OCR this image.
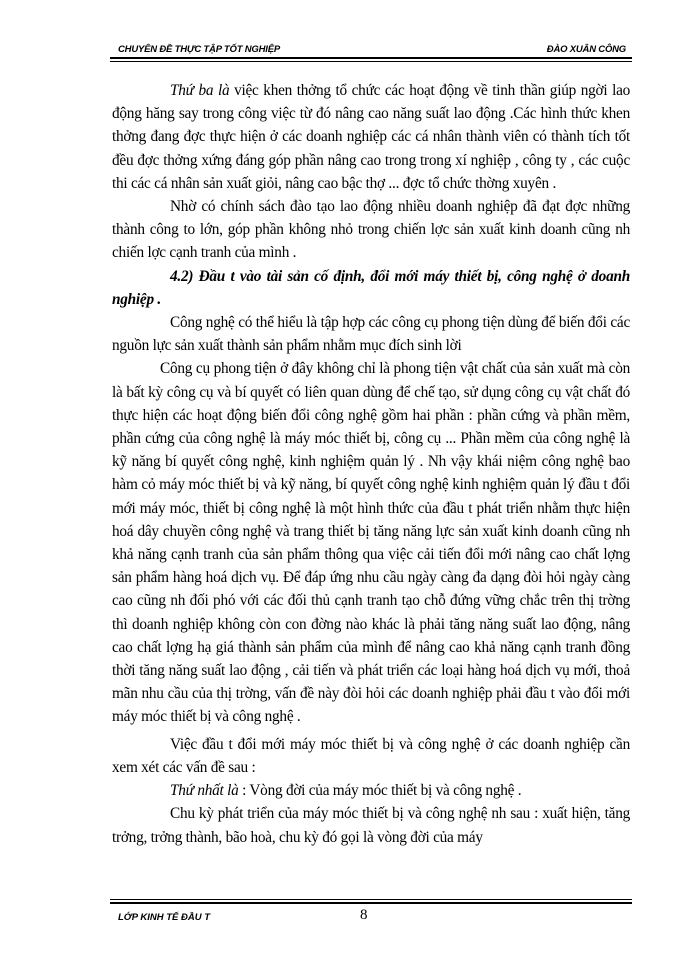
CHUYÊN ĐỀ THỰC TẬP TỐT NGHIỆP	ĐÀO XUÂN CÔNG

Thứ ba là việc khen thởng tổ chức các hoạt động về tinh thần giúp ngời lao động hăng say trong công việc từ đó nâng cao năng suất lao động .Các hình thức khen thởng đang đợc thực hiện ở các doanh nghiệp các cá nhân thành viên có thành tích tốt đều đợc thởng xứng đáng góp phần nâng cao trong trong xí nghiệp , công ty , các cuộc thi các cá nhân sản xuất giỏi, nâng cao bậc thợ ... đợc tổ chức thờng xuyên .

Nhờ có chính sách đào tạo lao động nhiều doanh nghiệp đã đạt đợc những thành công to lớn, góp phần không nhỏ trong chiến lợc sản xuất kinh doanh cũng nh chiến lợc cạnh tranh của mình .

4.2) Đầu t vào tài sản cố định, đổi mới máy thiết bị, công nghệ ở doanh nghiệp .

Công nghệ có thể hiểu là tập hợp các công cụ phong tiện dùng để biến đổi các nguồn lực sản xuất thành sản phẩm nhằm mục đích sinh lời

Công cụ phong tiện ở đây không chỉ là phong tiện vật chất của sản xuất mà còn là bất kỳ công cụ và bí quyết có liên quan dùng để chế tạo, sử dụng công cụ vật chất đó thực hiện các hoạt động biến đổi công nghệ gồm hai phần : phần cứng và phần mềm, phần cứng của công nghệ là máy móc thiết bị, công cụ ... Phần mềm của công nghệ là kỹ năng bí quyết công nghệ, kinh nghiệm quản lý . Nh vậy khái niệm công nghệ bao hàm cỏ máy móc thiết bị và kỹ năng, bí quyết công nghệ kinh nghiệm quản lý đầu t đổi mới máy móc, thiết bị công nghệ là một hình thức của đầu t phát triển nhằm thực hiện hoá dây chuyền công nghệ và trang thiết bị tăng năng lực sản xuất kinh doanh cũng nh khả năng cạnh tranh của sản phẩm thông qua việc cải tiến đổi mới nâng cao chất lợng sản phẩm hàng hoá dịch vụ. Để đáp ứng nhu cầu ngày càng đa dạng đòi hỏi ngày càng cao cũng nh đối phó với các đối thủ cạnh tranh tạo chỗ đứng vững chắc trên thị trờng thì doanh nghiệp không còn con đờng nào khác là phải tăng năng suất lao động, nâng cao chất lợng hạ giá thành sản phẩm của mình để nâng cao khả năng cạnh tranh đồng thời tăng năng suất lao động , cải tiến và phát triển các loại hàng hoá dịch vụ mới, thoả mãn nhu cầu của thị trờng, vấn đề này đòi hỏi các doanh nghiệp phải đầu t vào đổi mới máy móc thiết bị và công nghệ .

Việc đầu t đổi mới máy móc thiết bị và công nghệ ở các doanh nghiệp cần xem xét các vấn đề sau :

Thứ nhất là : Vòng đời của máy móc thiết bị và công nghệ .

Chu kỳ phát triển của máy móc thiết bị và công nghệ nh sau : xuất hiện, tăng trởng, trởng thành, bão hoà, chu kỳ đó gọi là vòng đời của máy

LỚP KINH TẾ ĐẦU T	8
